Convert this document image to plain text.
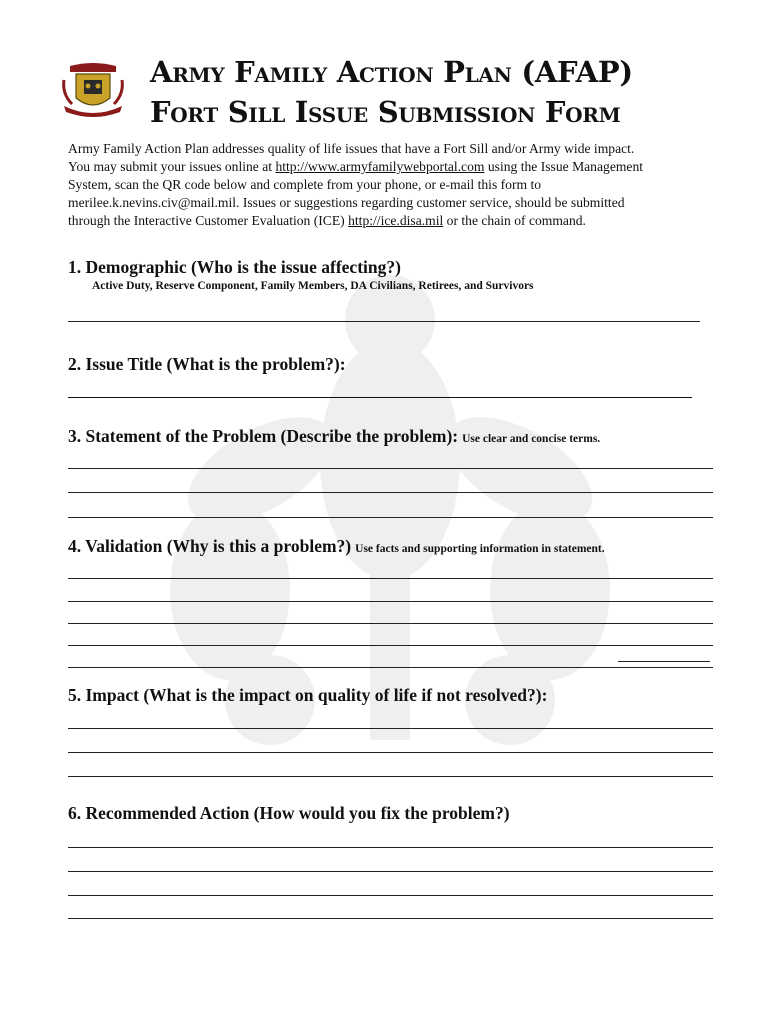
Army Family Action Plan (AFAP)
Fort Sill Issue Submission Form
Army Family Action Plan addresses quality of life issues that have a Fort Sill and/or Army wide impact.
You may submit your issues online at http://www.armyfamilywebportal.com using the Issue Management
System, scan the QR code below and complete from your phone, or e-mail this form to
merilee.k.nevins.civ@mail.mil. Issues or suggestions regarding customer service, should be submitted
through the Interactive Customer Evaluation (ICE) http://ice.disa.mil or the chain of command.
1. Demographic (Who is the issue affecting?)
Active Duty, Reserve Component, Family Members, DA Civilians, Retirees, and Survivors
2. Issue Title (What is the problem?):
3. Statement of the Problem (Describe the problem): Use clear and concise terms.
4. Validation (Why is this a problem?) Use facts and supporting information in statement.
5. Impact (What is the impact on quality of life if not resolved?):
6. Recommended Action (How would you fix the problem?)
